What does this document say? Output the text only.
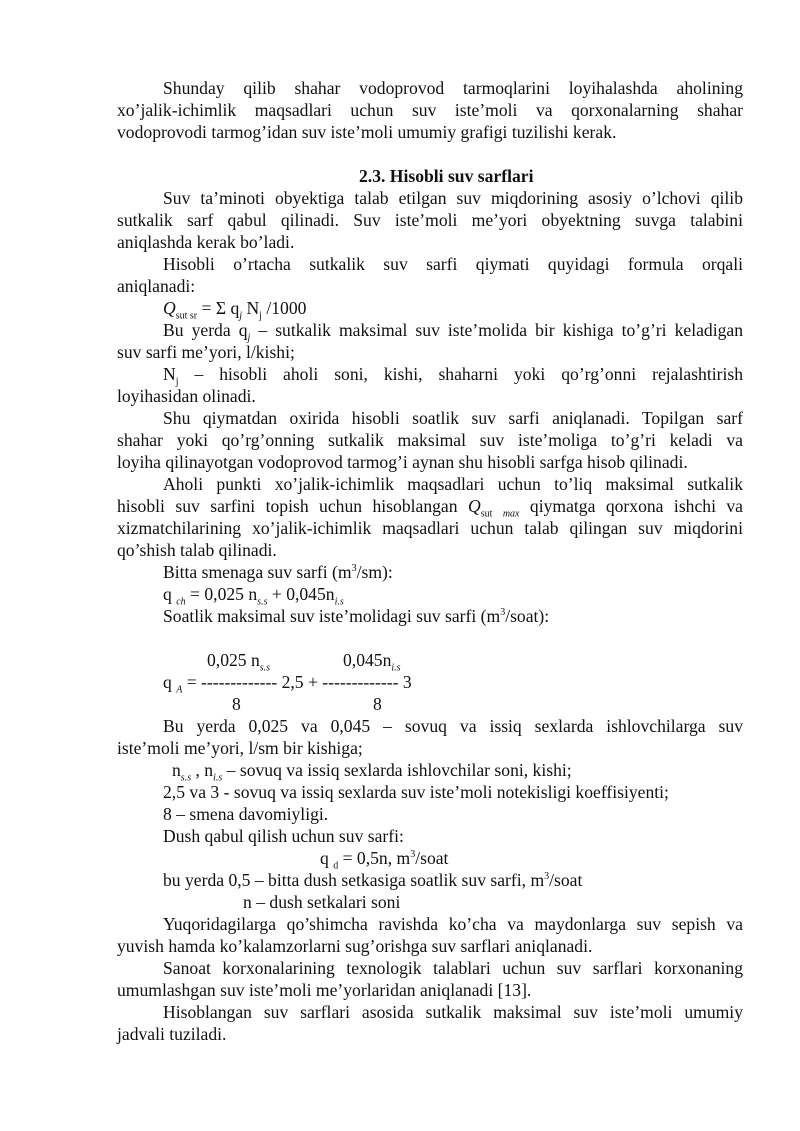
Shunday qilib shahar vodoprovod tarmoqlarini loyihalashda aholining
xo’jalik-ichimlik maqsadlari uchun suv iste’moli va qorxonalarning shahar
vodoprovodi tarmog’idan suv iste’moli umumiy grafigi tuzilishi kerak.
2.3. Hisobli suv sarflari
Suv ta’minoti obyektiga talab etilgan suv miqdorining asosiy o’lchovi qilib
sutkalik sarf qabul qilinadi. Suv iste’moli me’yori obyektning suvga talabini
aniqlashda kerak bo’ladi.
Hisobli o’rtacha sutkalik suv sarfi qiymati quyidagi formula orqali
aniqlanadi:
$Q_{sut sr} = \Sigma$ $q_j$ $N_j$ /1000
Bu yerda $q_j$ – sutkalik maksimal suv iste’molida bir kishiga to’g’ri keladigan
suv sarfi me’yori, l/kishi;
$N_j$ – hisobli aholi soni, kishi, shaharni yoki qo’rg’onni rejalashtirish
loyihasidan olinadi.
Shu qiymatdan oxirida hisobli soatlik suv sarfi aniqlanadi. Topilgan sarf
shahar yoki qo’rg’onning sutkalik maksimal suv iste’moliga to’g’ri keladi va
loyiha qilinayotgan vodoprovod tarmog’i aynan shu hisobli sarfga hisob qilinadi.
Aholi punkti xo’jalik-ichimlik maqsadlari uchun to’liq maksimal sutkalik
hisobli suv sarfini topish uchun hisoblangan $Q_{sut}$ $_{max}$ qiymatga qorxona ishchi va
xizmatchilarining xo’jalik-ichimlik maqsadlari uchun talab qilingan suv miqdorini
qo’shish talab qilinadi.
Bitta smenaga suv sarfi $(m^3/sm)$:
q $_{ch}$ = 0,025 $n_{s.s} + 0,045n_{i.s}$
Soatlik maksimal suv iste’molidagi suv sarfi $(m^3/soat)$:
0,025 $n_{s.s}$	$0,045n_{i.s}$
q $_A$ = ------------- 2,5 + ------------- 3
8	8
Bu yerda 0,025 va 0,045 – sovuq va issiq sexlarda ishlovchilarga suv
iste’moli me’yori, l/sm bir kishiga;
$n_{s.s}$ , $n_{i.s}$ – sovuq va issiq sexlarda ishlovchilar soni, kishi;
2,5 va 3 - sovuq va issiq sexlarda suv iste’moli notekisligi koeffisiyenti;
8 – smena davomiyligi.
Dush qabul qilish uchun suv sarfi:
q $_d$ = 0,5n, $m^3$/soat
bu yerda 0,5 – bitta dush setkasiga soatlik suv sarfi, $m^3$/soat
n – dush setkalari soni
Yuqoridagilarga qo’shimcha ravishda ko’cha va maydonlarga suv sepish va
yuvish hamda ko’kalamzorlarni sug’orishga suv sarflari aniqlanadi.
Sanoat korxonalarining texnologik talablari uchun suv sarflari korxonaning
umumlashgan suv iste’moli me’yorlaridan aniqlanadi [13].
Hisoblangan suv sarflari asosida sutkalik maksimal suv iste’moli umumiy
jadvali tuziladi.
